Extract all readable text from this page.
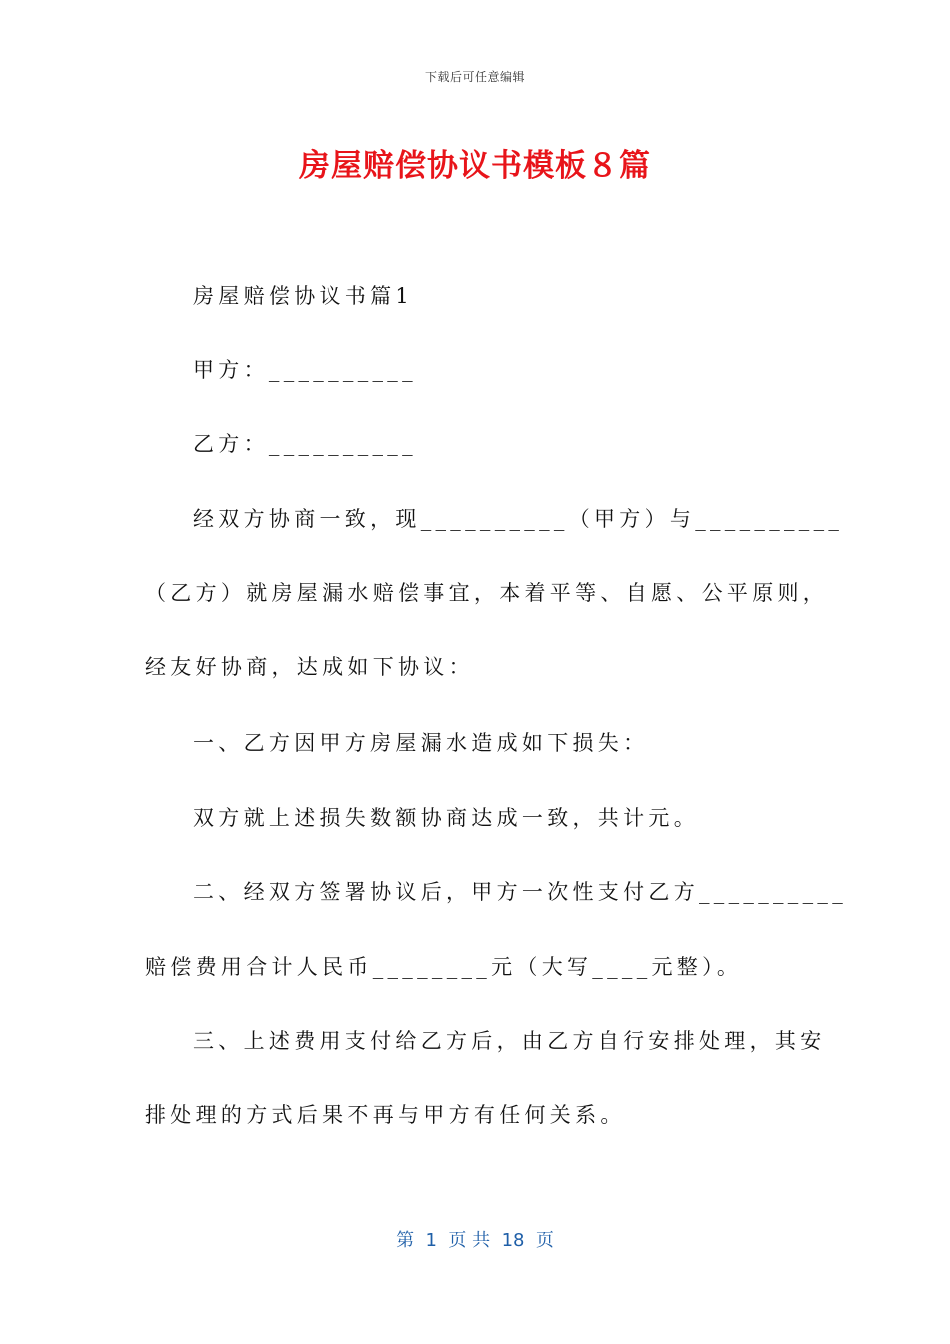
下载后可任意编辑
房屋赔偿协议书模板８篇
房屋赔偿协议书篇1
甲方：__________
乙方：__________
经双方协商一致，现__________（甲方）与__________
（乙方）就房屋漏水赔偿事宜，本着平等、自愿、公平原则，
经友好协商，达成如下协议：
一、乙方因甲方房屋漏水造成如下损失：
双方就上述损失数额协商达成一致，共计元。
二、经双方签署协议后，甲方一次性支付乙方__________
赔偿费用合计人民币________元（大写____元整）。
三、上述费用支付给乙方后，由乙方自行安排处理，其安
排处理的方式后果不再与甲方有任何关系。
第  1  页 共  18  页
